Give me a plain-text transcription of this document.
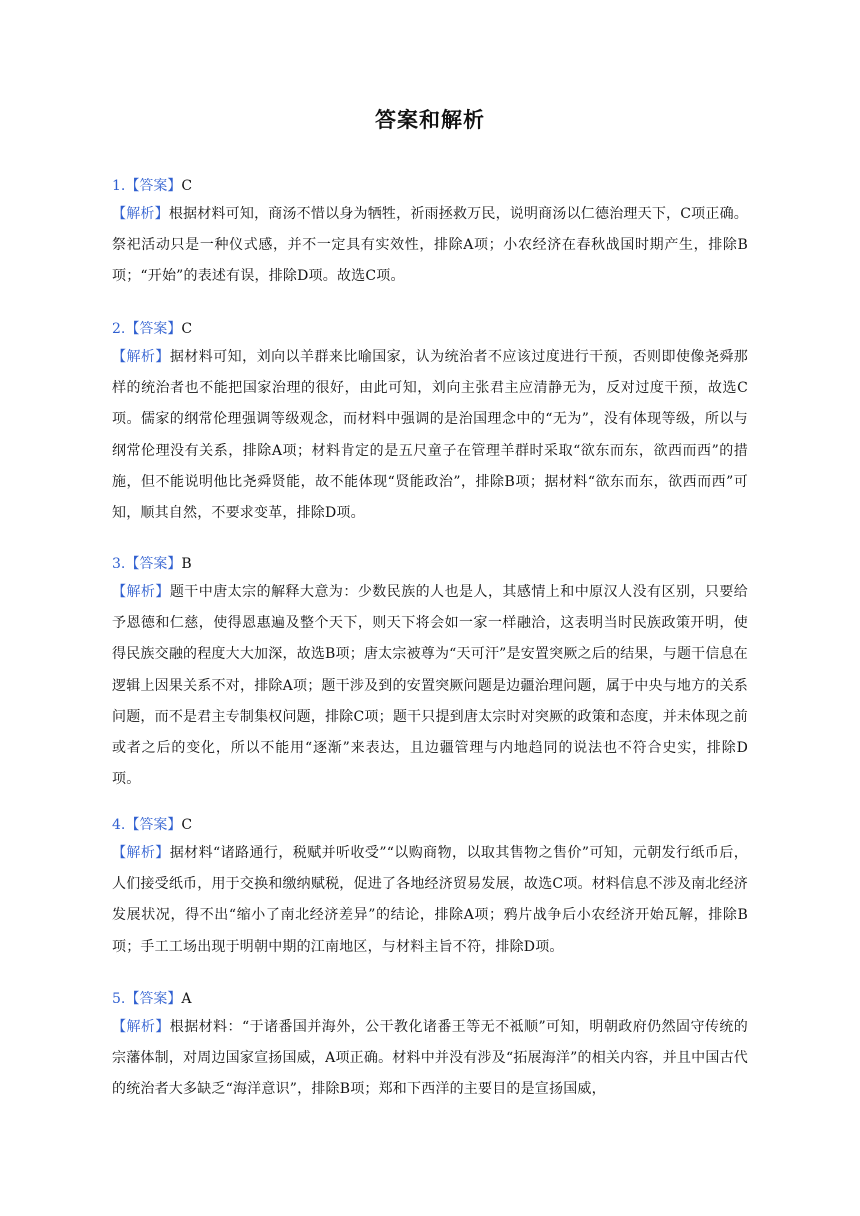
答案和解析
1.【答案】C
【解析】根据材料可知，商汤不惜以身为牺牲，祈雨拯救万民，说明商汤以仁德治理天下，C项正确。祭祀活动只是一种仪式感，并不一定具有实效性，排除A项；小农经济在春秋战国时期产生，排除B项；“开始”的表述有误，排除D项。故选C项。
2.【答案】C
【解析】据材料可知，刘向以羊群来比喻国家，认为统治者不应该过度进行干预，否则即使像尧舜那样的统治者也不能把国家治理的很好，由此可知，刘向主张君主应清静无为，反对过度干预，故选C项。儒家的纲常伦理强调等级观念，而材料中强调的是治国理念中的“无为”，没有体现等级，所以与纲常伦理没有关系，排除A项；材料肯定的是五尺童子在管理羊群时采取“欲东而东，欲西而西”的措施，但不能说明他比尧舜贤能，故不能体现“贤能政治”，排除B项；据材料“欲东而东，欲西而西”可知，顺其自然，不要求变革，排除D项。
3.【答案】B
【解析】题干中唐太宗的解释大意为：少数民族的人也是人，其感情上和中原汉人没有区别，只要给予恩德和仁慈，使得恩惠遍及整个天下，则天下将会如一家一样融洽，这表明当时民族政策开明，使得民族交融的程度大大加深，故选B项；唐太宗被尊为“天可汗”是安置突厥之后的结果，与题干信息在逻辑上因果关系不对，排除A项；题干涉及到的安置突厥问题是边疆治理问题，属于中央与地方的关系问题，而不是君主专制集权问题，排除C项；题干只提到唐太宗时对突厥的政策和态度，并未体现之前或者之后的变化，所以不能用“逐渐”来表达，且边疆管理与内地趋同的说法也不符合史实，排除D项。
4.【答案】C
【解析】据材料“诸路通行，税赋并听收受”“以购商物，以取其售物之售价”可知，元朝发行纸币后，人们接受纸币，用于交换和缴纳赋税，促进了各地经济贸易发展，故选C项。材料信息不涉及南北经济发展状况，得不出“缩小了南北经济差异”的结论，排除A项；鸦片战争后小农经济开始瓦解，排除B项；手工工场出现于明朝中期的江南地区，与材料主旨不符，排除D项。
5.【答案】A
【解析】根据材料：“于诸番国并海外，公干教化诸番王等无不祗顺”可知，明朝政府仍然固守传统的宗藩体制，对周边国家宣扬国威，A项正确。材料中并没有涉及“拓展海洋”的相关内容，并且中国古代的统治者大多缺乏“海洋意识”，排除B项；郑和下西洋的主要目的是宣扬国威，
